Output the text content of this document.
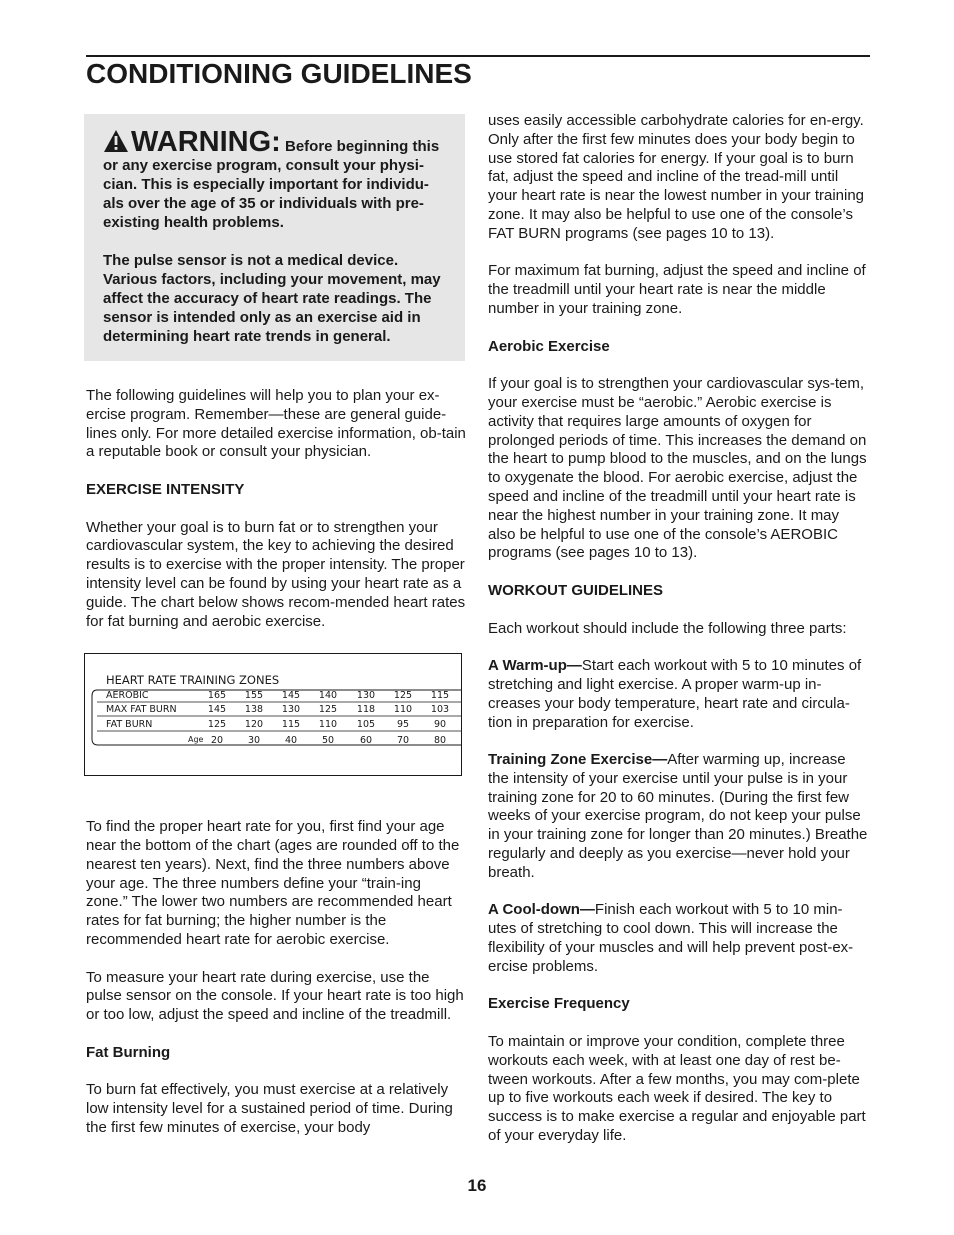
CONDITIONING GUIDELINES

WARNING: Before beginning this or any exercise program, consult your physi-cian. This is especially important for individu-als over the age of 35 or individuals with pre-existing health problems.

The pulse sensor is not a medical device. Various factors, including your movement, may affect the accuracy of heart rate readings. The sensor is intended only as an exercise aid in determining heart rate trends in general.

The following guidelines will help you to plan your ex-ercise program. Remember—these are general guide-lines only. For more detailed exercise information, ob-tain a reputable book or consult your physician.

EXERCISE INTENSITY

Whether your goal is to burn fat or to strengthen your cardiovascular system, the key to achieving the desired results is to exercise with the proper intensity. The proper intensity level can be found by using your heart rate as a guide. The chart below shows recom-mended heart rates for fat burning and aerobic exercise.

To find the proper heart rate for you, first find your age near the bottom of the chart (ages are rounded off to the nearest ten years). Next, find the three numbers above your age. The three numbers define your “train-ing zone.” The lower two numbers are recommended heart rates for fat burning; the higher number is the recommended heart rate for aerobic exercise.

To measure your heart rate during exercise, use the pulse sensor on the console. If your heart rate is too high or too low, adjust the speed and incline of the treadmill.

Fat Burning

To burn fat effectively, you must exercise at a relatively low intensity level for a sustained period of time. During the first few minutes of exercise, your body

HEART RATE TRAINING ZONES
AEROBIC	165 155 145 140 130 125 115
MAX FAT BURN	145 138 130 125 118 110 103
FAT BURN	125 120 115 110 105 95	90
Age 20	30	40	50	60	70	80

uses easily accessible carbohydrate calories for en-ergy. Only after the first few minutes does your body begin to use stored fat calories for energy. If your goal is to burn fat, adjust the speed and incline of the tread-mill until your heart rate is near the lowest number in your training zone. It may also be helpful to use one of the console’s FAT BURN programs (see pages 10 to 13).

For maximum fat burning, adjust the speed and incline of the treadmill until your heart rate is near the middle number in your training zone.

Aerobic Exercise

If your goal is to strengthen your cardiovascular sys-tem, your exercise must be “aerobic.” Aerobic exercise is activity that requires large amounts of oxygen for prolonged periods of time. This increases the demand on the heart to pump blood to the muscles, and on the lungs to oxygenate the blood. For aerobic exercise, adjust the speed and incline of the treadmill until your heart rate is near the highest number in your training zone. It may also be helpful to use one of the console’s AEROBIC programs (see pages 10 to 13).

WORKOUT GUIDELINES

Each workout should include the following three parts:

A Warm-up—Start each workout with 5 to 10 minutes of stretching and light exercise. A proper warm-up in-creases your body temperature, heart rate and circula-tion in preparation for exercise.

Training Zone Exercise—After warming up, increase the intensity of your exercise until your pulse is in your training zone for 20 to 60 minutes. (During the first few weeks of your exercise program, do not keep your pulse in your training zone for longer than 20 minutes.) Breathe regularly and deeply as you exercise—never hold your breath.

A Cool-down—Finish each workout with 5 to 10 min-utes of stretching to cool down. This will increase the flexibility of your muscles and will help prevent post-ex-ercise problems.

Exercise Frequency

To maintain or improve your condition, complete three workouts each week, with at least one day of rest be-tween workouts. After a few months, you may com-plete up to five workouts each week if desired. The key to success is to make exercise a regular and enjoyable part of your everyday life.

16
